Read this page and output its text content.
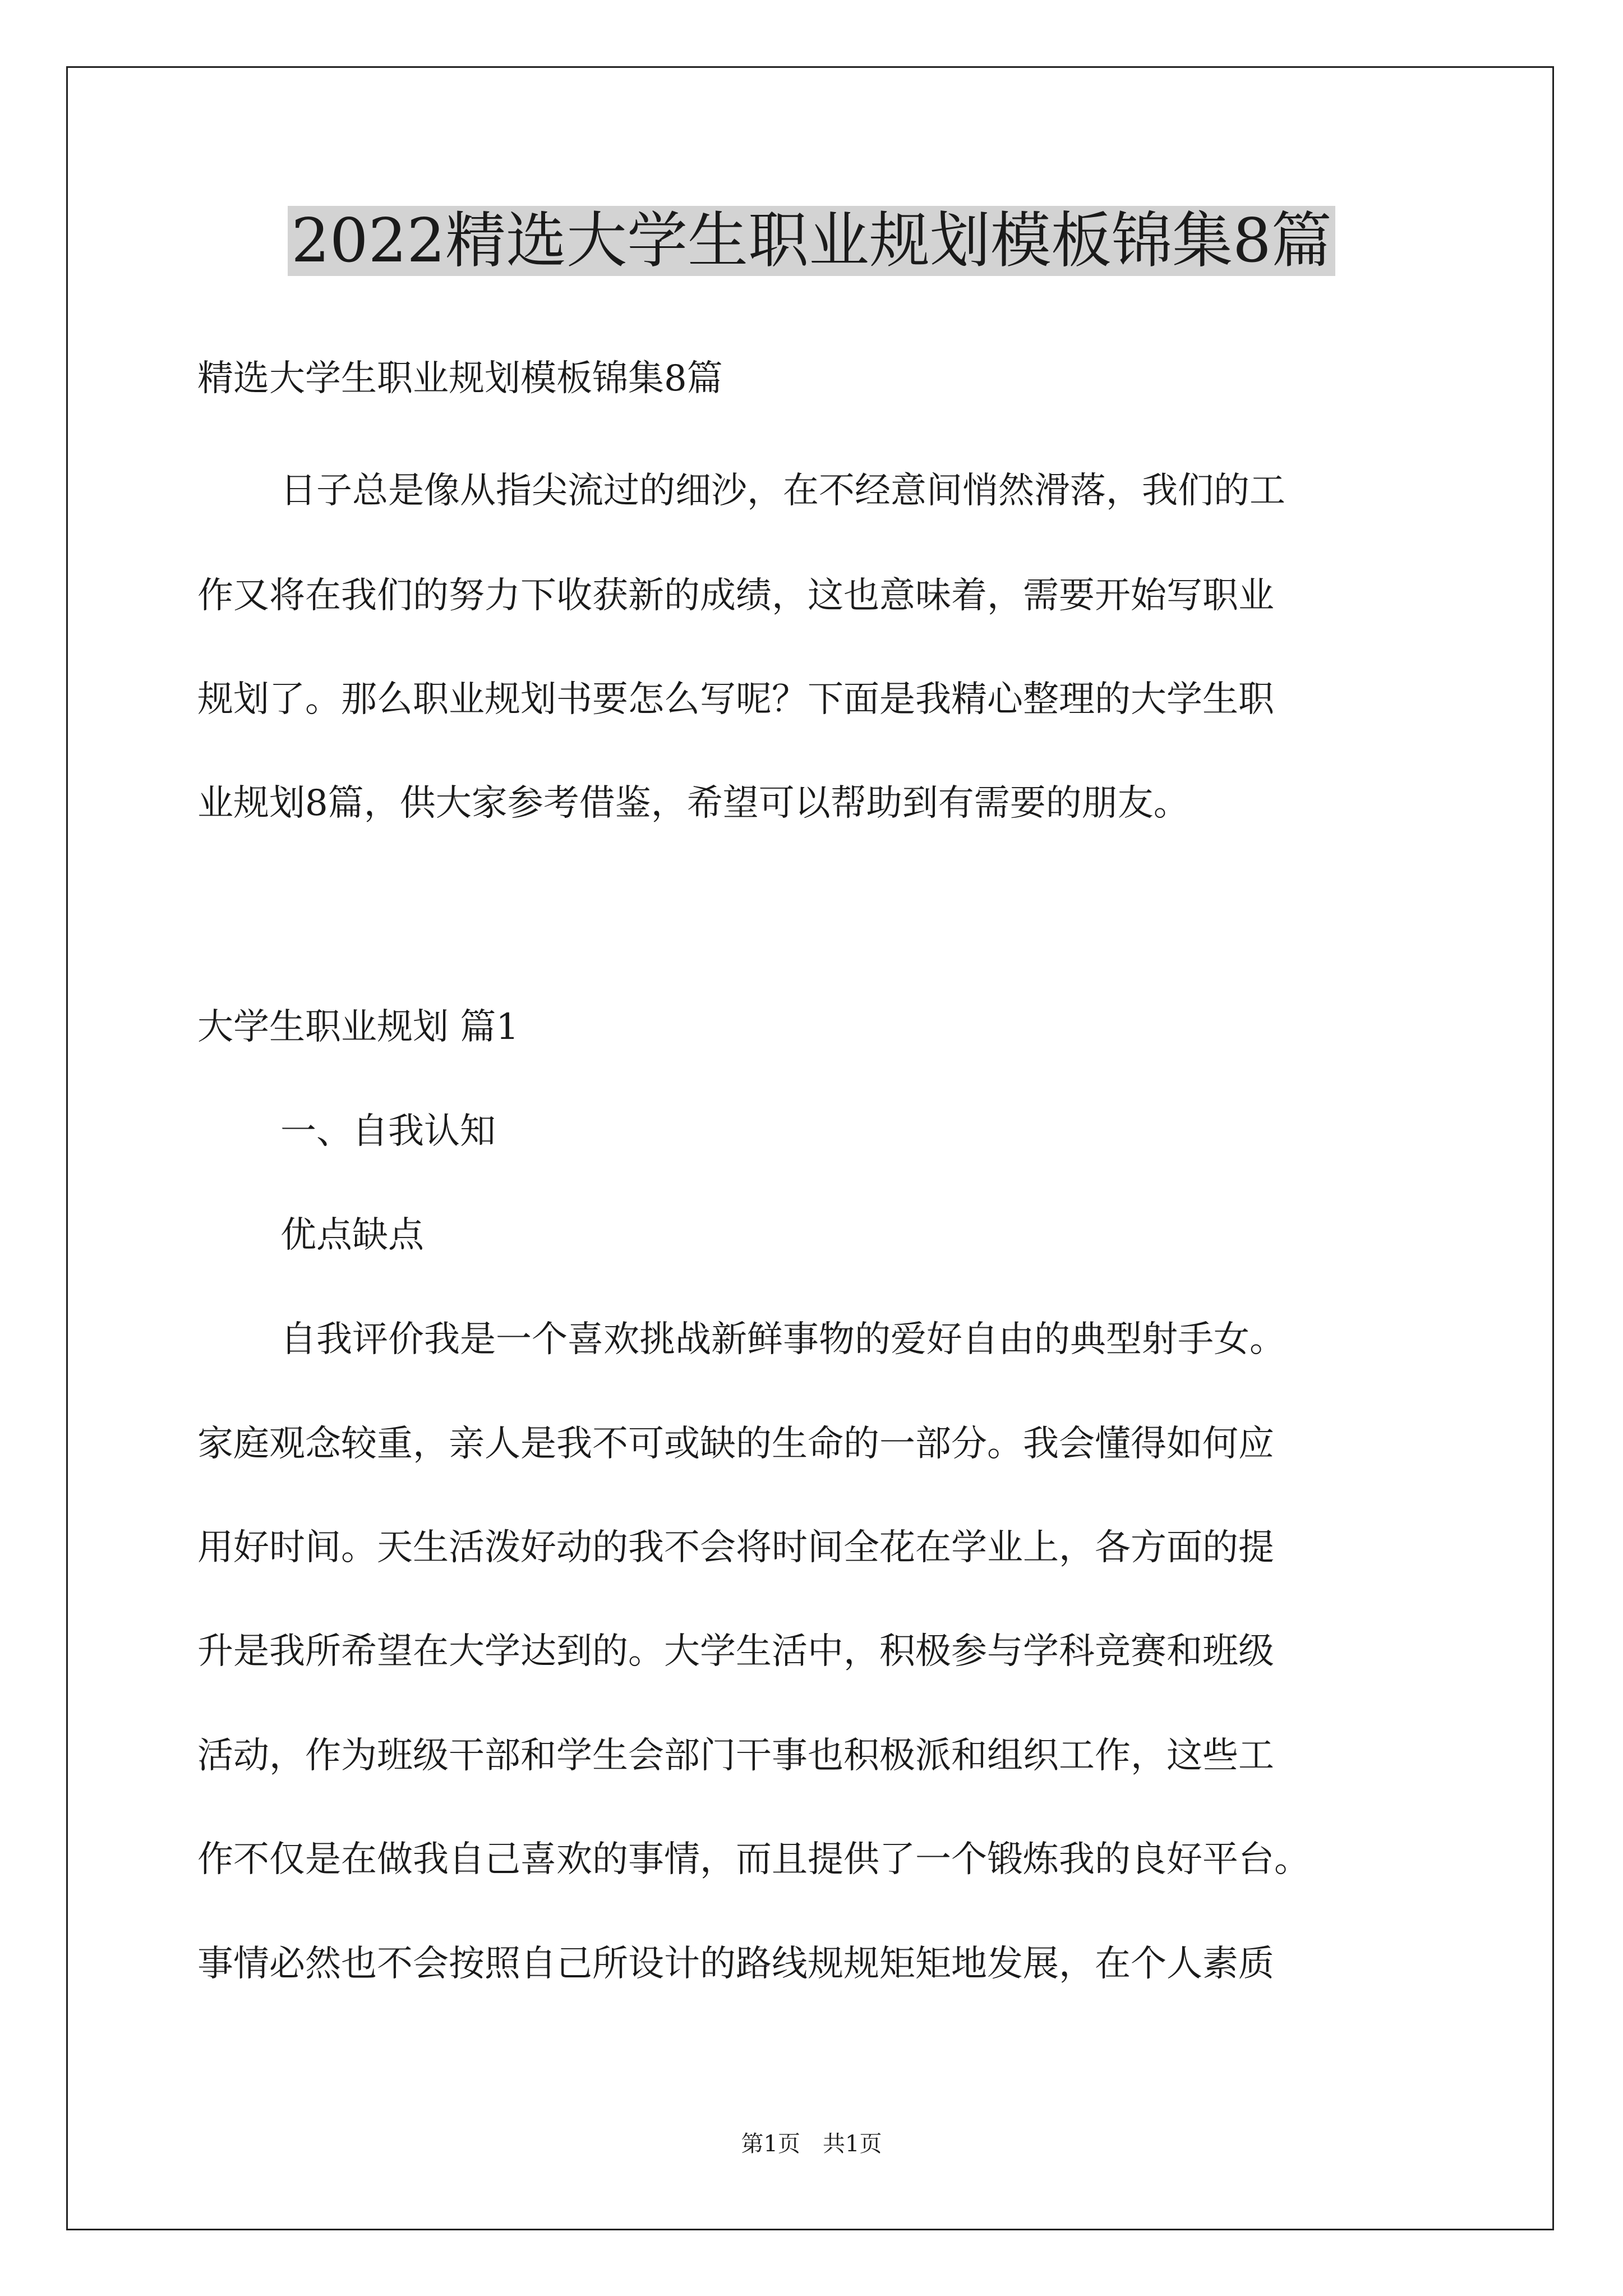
2022精选大学生职业规划模板锦集8篇

精选大学生职业规划模板锦集8篇

日子总是像从指尖流过的细沙，在不经意间悄然滑落，我们的工

作又将在我们的努力下收获新的成绩，这也意味着，需要开始写职业

规划了。那么职业规划书要怎么写呢？下面是我精心整理的大学生职

业规划8篇，供大家参考借鉴，希望可以帮助到有需要的朋友。

大学生职业规划 篇1

一、自我认知

优点缺点

自我评价我是一个喜欢挑战新鲜事物的爱好自由的典型射手女。

家庭观念较重，亲人是我不可或缺的生命的一部分。我会懂得如何应

用好时间。天生活泼好动的我不会将时间全花在学业上，各方面的提

升是我所希望在大学达到的。大学生活中，积极参与学科竞赛和班级

活动，作为班级干部和学生会部门干事也积极派和组织工作，这些工

作不仅是在做我自己喜欢的事情，而且提供了一个锻炼我的良好平台。

事情必然也不会按照自己所设计的路线规规矩矩地发展，在个人素质

第1页　共1页
